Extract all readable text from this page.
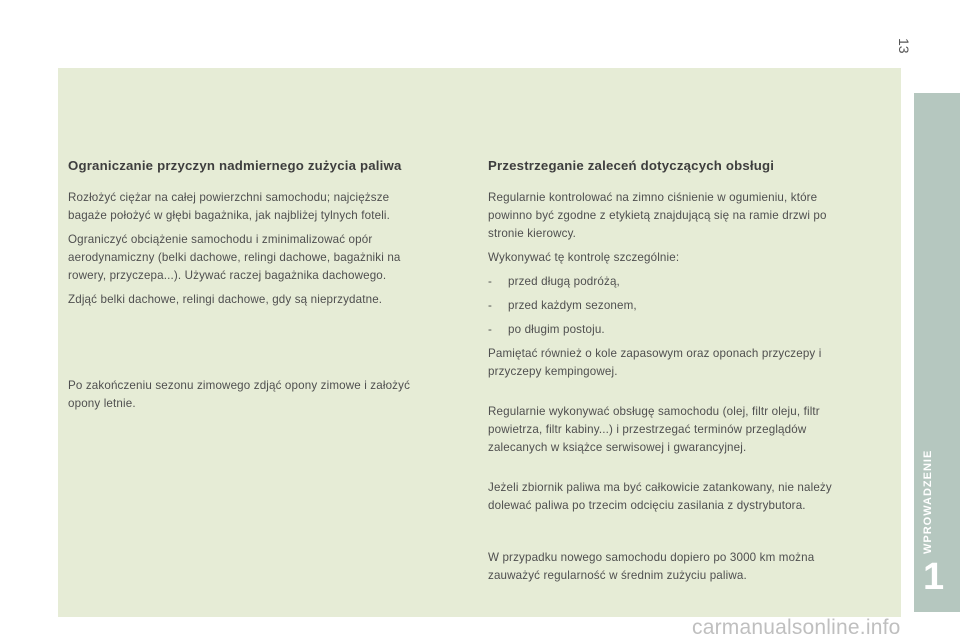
Ograniczanie przyczyn nadmiernego zużycia paliwa

Rozłożyć ciężar na całej powierzchni samochodu; najcięższe
bagaże położyć w głębi bagażnika, jak najbliżej tylnych foteli.

Ograniczyć obciążenie samochodu i zminimalizować opór
aerodynamiczny (belki dachowe, relingi dachowe, bagażniki na
rowery, przyczepa...). Używać raczej bagażnika dachowego.

Zdjąć belki dachowe, relingi dachowe, gdy są nieprzydatne.

Po zakończeniu sezonu zimowego zdjąć opony zimowe i założyć
opony letnie.

Przestrzeganie zaleceń dotyczących obsługi

Regularnie kontrolować na zimno ciśnienie w ogumieniu, które
powinno być zgodne z etykietą znajdującą się na ramie drzwi po
stronie kierowcy.

Wykonywać tę kontrolę szczególnie:

-	przed długą podróżą,
-	przed każdym sezonem,
-	po długim postoju.

Pamiętać również o kole zapasowym oraz oponach przyczepy i
przyczepy kempingowej.

Regularnie wykonywać obsługę samochodu (olej, filtr oleju, filtr
powietrza, filtr kabiny...) i przestrzegać terminów przeglądów
zalecanych w książce serwisowej i gwarancyjnej.

Jeżeli zbiornik paliwa ma być całkowicie zatankowany, nie należy
dolewać paliwa po trzecim odcięciu zasilania z dystrybutora.

W przypadku nowego samochodu dopiero po 3000 km można
zauważyć regularność w średnim zużyciu paliwa.

13
WPROWADZENIE
1
carmanualsonline.info
